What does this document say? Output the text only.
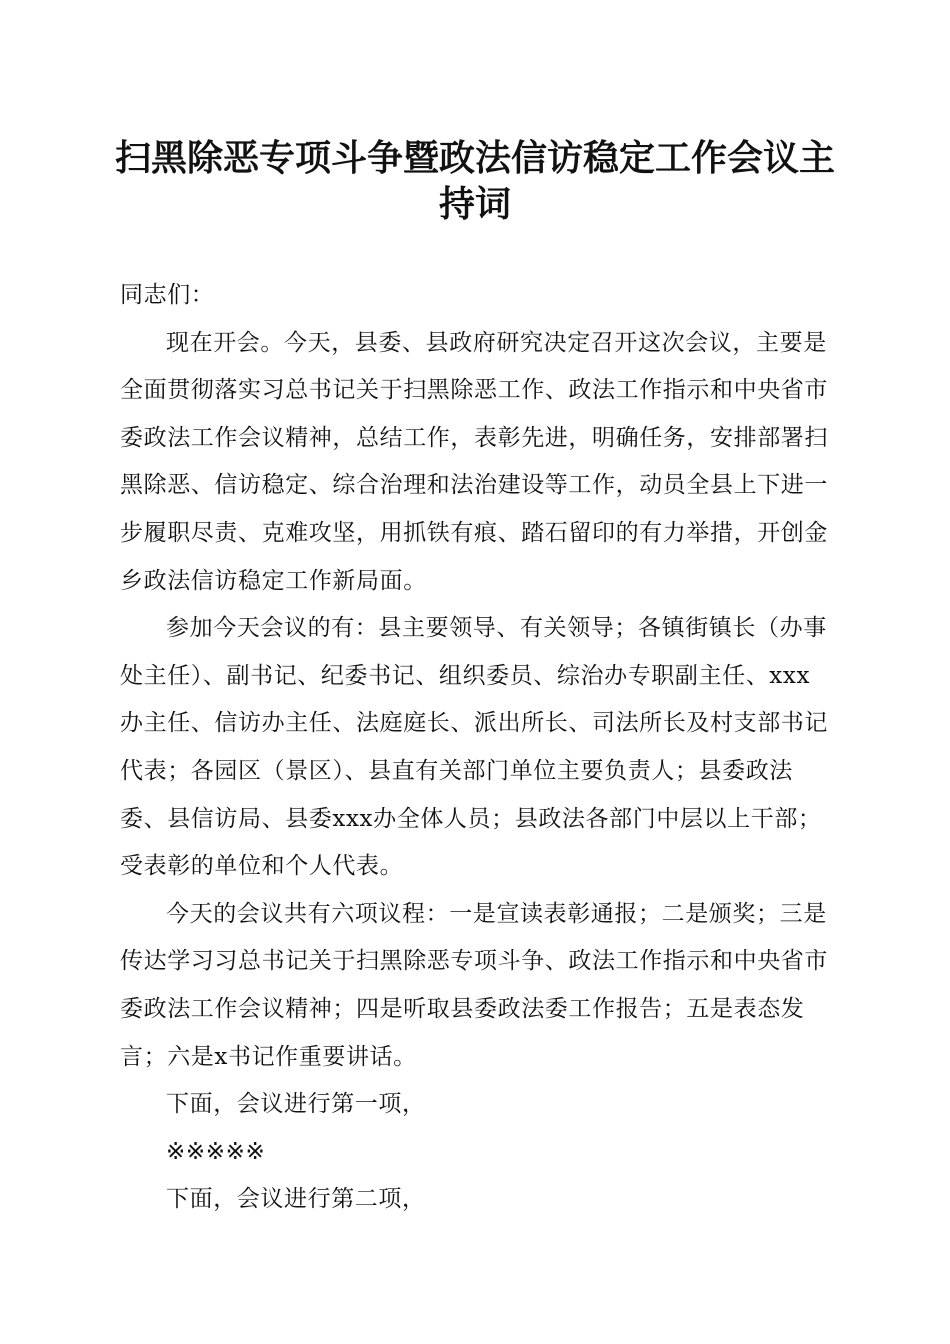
扫黑除恶专项斗争暨政法信访稳定工作会议主持词

同志们：

现在开会。今天，县委、县政府研究决定召开这次会议，主要是全面贯彻落实习总书记关于扫黑除恶工作、政法工作指示和中央省市委政法工作会议精神，总结工作，表彰先进，明确任务，安排部署扫黑除恶、信访稳定、综合治理和法治建设等工作，动员全县上下进一步履职尽责、克难攻坚，用抓铁有痕、踏石留印的有力举措，开创金乡政法信访稳定工作新局面。

参加今天会议的有：县主要领导、有关领导；各镇街镇长（办事处主任）、副书记、纪委书记、组织委员、综治办专职副主任、xxx办主任、信访办主任、法庭庭长、派出所长、司法所长及村支部书记代表；各园区（景区）、县直有关部门单位主要负责人；县委政法委、县信访局、县委xxx办全体人员；县政法各部门中层以上干部；受表彰的单位和个人代表。

今天的会议共有六项议程：一是宣读表彰通报；二是颁奖；三是传达学习习总书记关于扫黑除恶专项斗争、政法工作指示和中央省市委政法工作会议精神；四是听取县委政法委工作报告；五是表态发言；六是x书记作重要讲话。

下面，会议进行第一项，

※※※※※

下面，会议进行第二项，
